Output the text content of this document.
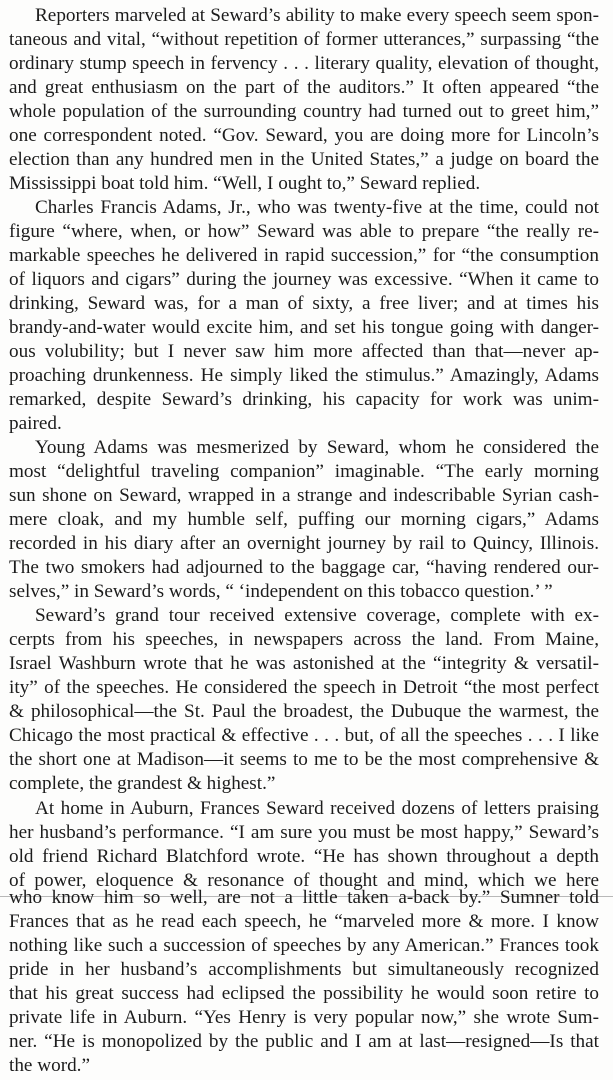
Reporters marveled at Seward’s ability to make every speech seem spon-

taneous and vital, “without repetition of former utterances,” surpassing “the

ordinary stump speech in fervency . . . literary quality, elevation of thought,

and great enthusiasm on the part of the auditors.” It often appeared “the

whole population of the surrounding country had turned out to greet him,”

one correspondent noted. “Gov. Seward, you are doing more for Lincoln’s

election than any hundred men in the United States,” a judge on board the

Mississippi boat told him. “Well, I ought to,” Seward replied.

Charles Francis Adams, Jr., who was twenty-five at the time, could not

figure “where, when, or how” Seward was able to prepare “the really re-

markable speeches he delivered in rapid succession,” for “the consumption

of liquors and cigars” during the journey was excessive. “When it came to

drinking, Seward was, for a man of sixty, a free liver; and at times his

brandy-and-water would excite him, and set his tongue going with danger-

ous volubility; but I never saw him more affected than that—never ap-

proaching drunkenness. He simply liked the stimulus.” Amazingly, Adams

remarked, despite Seward’s drinking, his capacity for work was unim-

paired.

Young Adams was mesmerized by Seward, whom he considered the

most “delightful traveling companion” imaginable. “The early morning

sun shone on Seward, wrapped in a strange and indescribable Syrian cash-

mere cloak, and my humble self, puffing our morning cigars,” Adams

recorded in his diary after an overnight journey by rail to Quincy, Illinois.

The two smokers had adjourned to the baggage car, “having rendered our-

selves,” in Seward’s words, “ ‘independent on this tobacco question.’ ”

Seward’s grand tour received extensive coverage, complete with ex-

cerpts from his speeches, in newspapers across the land. From Maine,

Israel Washburn wrote that he was astonished at the “integrity & versatil-

ity” of the speeches. He considered the speech in Detroit “the most perfect

& philosophical—the St. Paul the broadest, the Dubuque the warmest, the

Chicago the most practical & effective . . . but, of all the speeches . . . I like

the short one at Madison—it seems to me to be the most comprehensive &

complete, the grandest & highest.”

At home in Auburn, Frances Seward received dozens of letters praising

her husband’s performance. “I am sure you must be most happy,” Seward’s

old friend Richard Blatchford wrote. “He has shown throughout a depth

of power, eloquence & resonance of thought and mind, which we here

who know him so well, are not a little taken a-back by.” Sumner told

Frances that as he read each speech, he “marveled more & more. I know

nothing like such a succession of speeches by any American.” Frances took

pride in her husband’s accomplishments but simultaneously recognized

that his great success had eclipsed the possibility he would soon retire to

private life in Auburn. “Yes Henry is very popular now,” she wrote Sum-

ner. “He is monopolized by the public and I am at last—resigned—Is that

the word.”
